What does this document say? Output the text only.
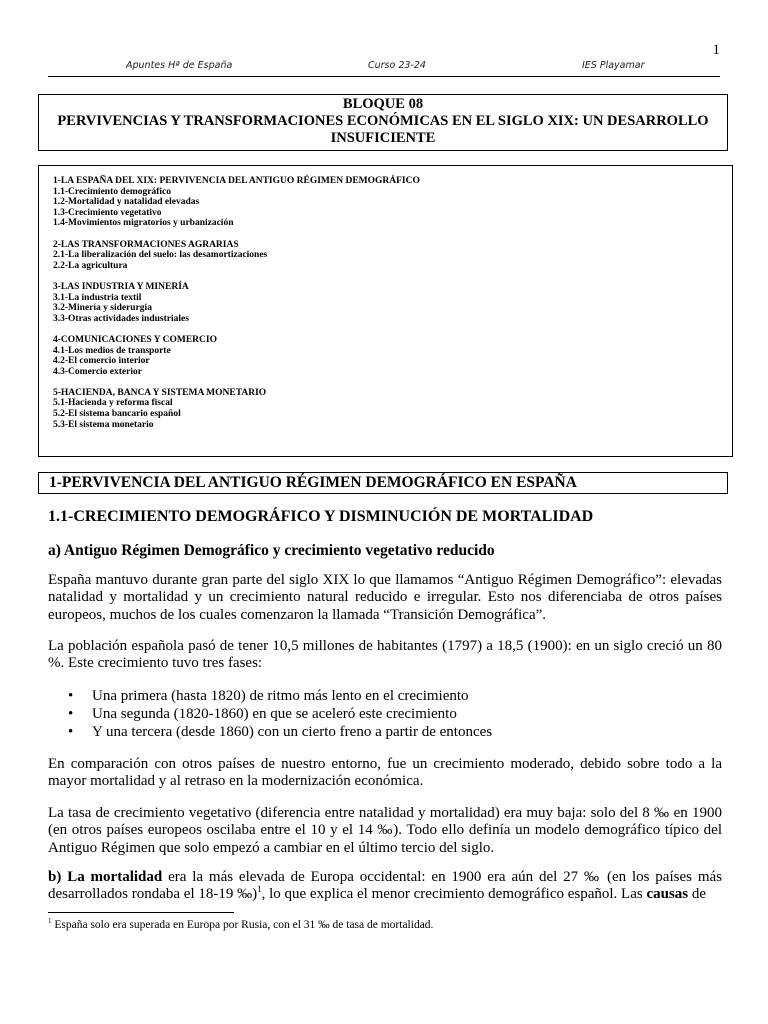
1
Apuntes Hª de España	Curso 23-24	IES Playamar
BLOQUE 08
PERVIVENCIAS Y TRANSFORMACIONES ECONÓMICAS EN EL SIGLO XIX: UN DESARROLLO INSUFICIENTE
1-LA ESPAÑA DEL XIX: PERVIVENCIA DEL ANTIGUO RÉGIMEN DEMOGRÁFICO
1.1-Crecimiento demográfico
1.2-Mortalidad y natalidad elevadas
1.3-Crecimiento vegetativo
1.4-Movimientos migratorios y urbanización
2-LAS TRANSFORMACIONES AGRARIAS
2.1-La liberalización del suelo: las desamortizaciones
2.2-La agricultura
3-LAS INDUSTRIA Y MINERÍA
3.1-La industria textil
3.2-Minería y siderurgia
3.3-Otras actividades industriales
4-COMUNICACIONES Y COMERCIO
4.1-Los medios de transporte
4.2-El comercio interior
4.3-Comercio exterior
5-HACIENDA, BANCA Y SISTEMA MONETARIO
5.1-Hacienda y reforma fiscal
5.2-El sistema bancario español
5.3-El sistema monetario
1-PERVIVENCIA DEL ANTIGUO RÉGIMEN DEMOGRÁFICO EN ESPAÑA
1.1-CRECIMIENTO DEMOGRÁFICO Y DISMINUCIÓN DE MORTALIDAD
a) Antiguo Régimen Demográfico y crecimiento vegetativo reducido

España mantuvo durante gran parte del siglo XIX lo que llamamos “Antiguo Régimen Demográfico”: elevadas natalidad y mortalidad y un crecimiento natural reducido e irregular. Esto nos diferenciaba de otros países europeos, muchos de los cuales comenzaron la llamada “Transición Demográfica”.

La población española pasó de tener 10,5 millones de habitantes (1797) a 18,5 (1900): en un siglo creció un 80 %. Este crecimiento tuvo tres fases:

• Una primera (hasta 1820) de ritmo más lento en el crecimiento
• Una segunda (1820-1860) en que se aceleró este crecimiento
• Y una tercera (desde 1860) con un cierto freno a partir de entonces

En comparación con otros países de nuestro entorno, fue un crecimiento moderado, debido sobre todo a la mayor mortalidad y al retraso en la modernización económica.

La tasa de crecimiento vegetativo (diferencia entre natalidad y mortalidad) era muy baja: solo del 8 ‰ en 1900 (en otros países europeos oscilaba entre el 10 y el 14 ‰). Todo ello definía un modelo demográfico típico del Antiguo Régimen que solo empezó a cambiar en el último tercio del siglo.

b) La mortalidad era la más elevada de Europa occidental: en 1900 era aún del 27 ‰ (en los países más desarrollados rondaba el 18-19 ‰)$^1$, lo que explica el menor crecimiento demográfico español. Las causas de

$^1$ España solo era superada en Europa por Rusia, con el 31 ‰ de tasa de mortalidad.
